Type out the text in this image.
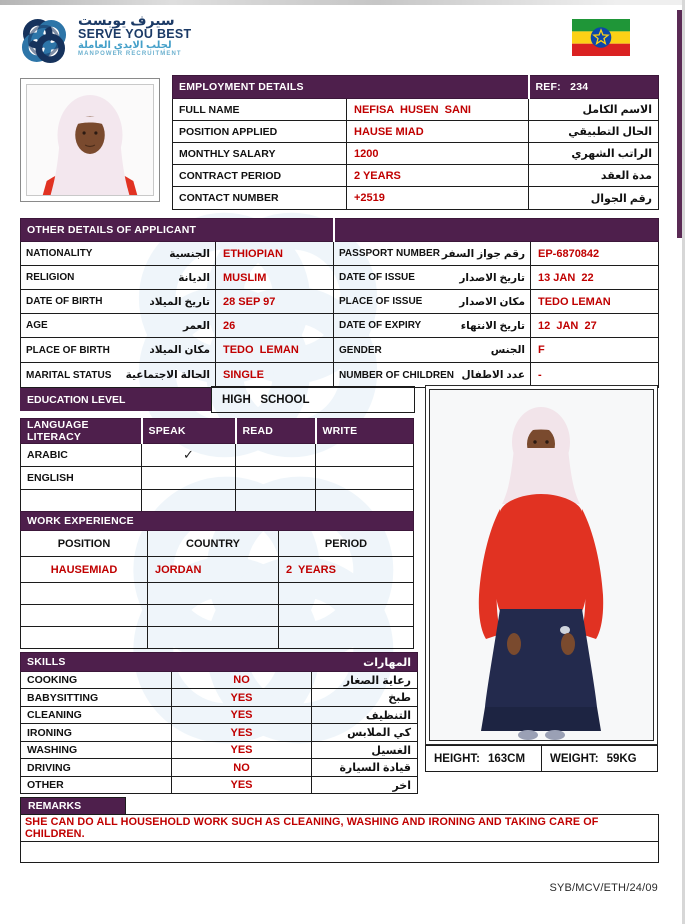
سيرف يوبست
SERVE YOU BEST
لجلب الايدي العاملة
MANPOWER RECRUITMENT
EMPLOYMENT DETAILS		REF: 234
FULL NAME	NEFISA  HUSEN  SANI	الاسم الكامل
POSITION APPLIED	HAUSE MIAD	الحال التطبيقي
MONTHLY SALARY	1200	الراتب الشهري
CONTRACT PERIOD	2 YEARS	مدة العقد
CONTACT NUMBER	+2519	رقم الجوال
OTHER DETAILS OF APPLICANT			

NATIONALITY الجنسية	ETHIOPIAN	PASSPORT NUMBER رقم جواز السفر	EP-6870842

RELIGION الديانة	MUSLIM	DATE OF ISSUE تاريخ الاصدار	13 JAN  22

DATE OF BIRTH تاريخ الميلاد	28 SEP 97	PLACE OF ISSUE مكان الاصدار	TEDO LEMAN

AGE العمر	26	DATE OF EXPIRY تاريخ الانتهاء	12  JAN  27

PLACE OF BIRTH مكان الميلاد	TEDO  LEMAN	GENDER الجنس	F

MARITAL STATUS الحالة الاجتماعية	SINGLE	NUMBER OF CHILDREN عدد الاطفال	-
EDUCATION LEVEL	HIGH   SCHOOL
LANGUAGE LITERACY	SPEAK	READ	WRITE
ARABIC	✓		
ENGLISH			

WORK EXPERIENCE		
POSITION	COUNTRY	PERIOD
HAUSEMIAD	JORDAN	2  YEARS

HEIGHT: 163CM WEIGHT: 59KG
SKILLS المهارات		

COOKING	NO	رعاية الصغار
BABYSITTING	YES	طبخ
CLEANING	YES	التنظيف
IRONING	YES	كي الملابس
WASHING	YES	الغسيل
DRIVING	NO	قيادة السيارة
OTHER	YES	اخر
REMARKS
SHE CAN DO ALL HOUSEHOLD WORK SUCH AS CLEANING, WASHING AND IRONING AND TAKING CARE OF CHILDREN.

SYB/MCV/ETH/24/09
